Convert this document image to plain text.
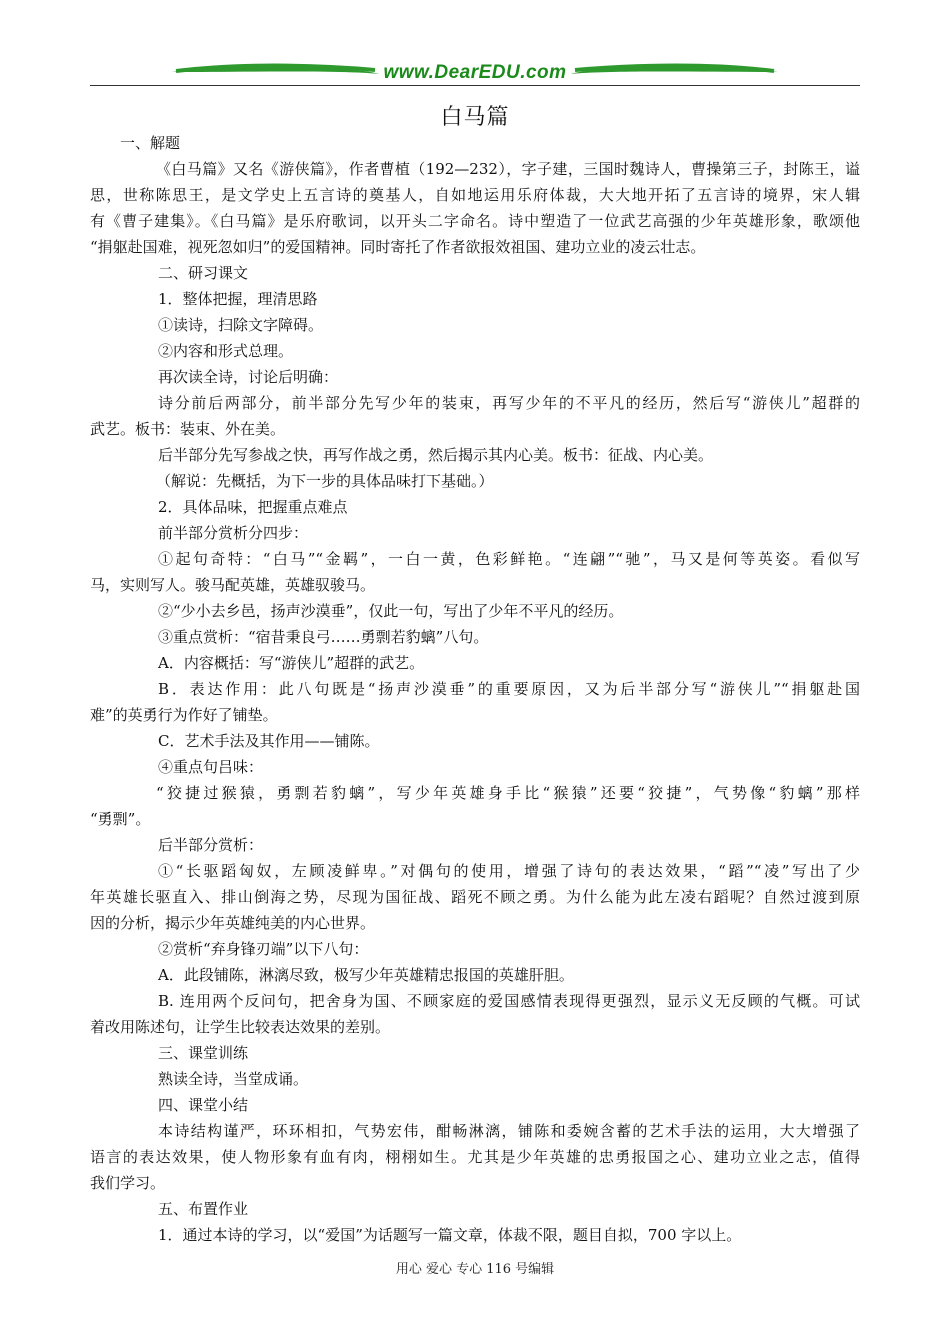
www.DearEDU.com
白马篇
一、解题
《白马篇》又名《游侠篇》，作者曹植（192—232），字子建，三国时魏诗人，曹操第三子，封陈王，谥
思，世称陈思王，是文学史上五言诗的奠基人，自如地运用乐府体裁，大大地开拓了五言诗的境界，宋人辑
有《曹子建集》。《白马篇》是乐府歌词，以开头二字命名。诗中塑造了一位武艺高强的少年英雄形象，歌颂他
“捐躯赴国难，视死忽如归”的爱国精神。同时寄托了作者欲报效祖国、建功立业的凌云壮志。
二、研习课文
1．整体把握，理清思路
①读诗，扫除文字障碍。
②内容和形式总理。
再次读全诗，讨论后明确：
诗分前后两部分，前半部分先写少年的装束，再写少年的不平凡的经历，然后写“游侠儿”超群的
武艺。板书：装束、外在美。
后半部分先写参战之快，再写作战之勇，然后揭示其内心美。板书：征战、内心美。
（解说：先概括，为下一步的具体品味打下基础。）
2．具体品味，把握重点难点
前半部分赏析分四步：
①起句奇特：“白马”“金羁”，一白一黄，色彩鲜艳。“连翩”“驰”，马又是何等英姿。看似写
马，实则写人。骏马配英雄，英雄驭骏马。
②“少小去乡邑，扬声沙漠垂”，仅此一句，写出了少年不平凡的经历。
③重点赏析：“宿昔秉良弓……勇剽若豹螭”八句。
A．内容概括：写“游侠儿”超群的武艺。
B．表达作用：此八句既是“扬声沙漠垂”的重要原因，又为后半部分写“游侠儿”“捐躯赴国
难”的英勇行为作好了铺垫。
C．艺术手法及其作用——铺陈。
④重点句吕味：
“狡捷过猴猿，勇剽若豹螭”，写少年英雄身手比“猴猿”还要“狡捷”，气势像“豹螭”那样
“勇剽”。
后半部分赏析：
①“长驱蹈匈奴，左顾凌鲜卑。”对偶句的使用，增强了诗句的表达效果，“蹈”“凌”写出了少
年英雄长驱直入、排山倒海之势，尽现为国征战、蹈死不顾之勇。为什么能为此左凌右蹈呢？自然过渡到原
因的分析，揭示少年英雄纯美的内心世界。
②赏析“弃身锋刃端”以下八句：
A．此段铺陈，淋漓尽致，极写少年英雄精忠报国的英雄肝胆。
B. 连用两个反问句，把舍身为国、不顾家庭的爱国感情表现得更强烈，显示义无反顾的气概。可试
着改用陈述句，让学生比较表达效果的差别。
三、课堂训练
熟读全诗，当堂成诵。
四、课堂小结
本诗结构谨严，环环相扣，气势宏伟，酣畅淋漓，铺陈和委婉含蓄的艺术手法的运用，大大增强了
语言的表达效果，使人物形象有血有肉，栩栩如生。尤其是少年英雄的忠勇报国之心、建功立业之志，值得
我们学习。
五、布置作业
1．通过本诗的学习，以“爱国”为话题写一篇文章，体裁不限，题目自拟，700 字以上。
用心 爱心 专心 116 号编辑
